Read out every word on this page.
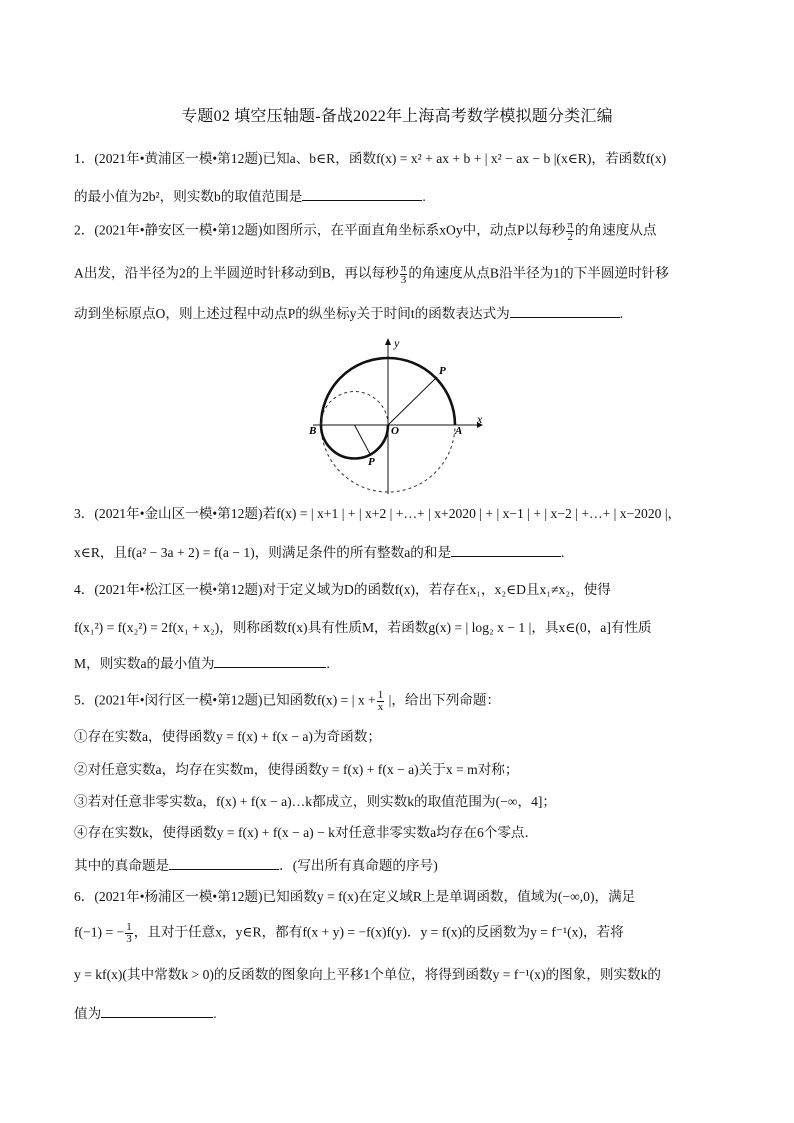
专题02 填空压轴题-备战2022年上海高考数学模拟题分类汇编
1．(2021年•黄浦区一模•第12题)已知a、b∈R，函数f(x) = x² + ax + b + | x² − ax − b |(x∈R)，若函数f(x)
的最小值为2b²，则实数b的取值范围是	.
2．(2021年•静安区一模•第12题)如图所示，在平面直角坐标系xOy中，动点P以每秒 $\frac{\pi}{2}$ 的角速度从点
A出发，沿半径为2的上半圆逆时针移动到B，再以每秒 $\frac{\pi}{3}$ 的角速度从点B沿半径为1的下半圆逆时针移
动到坐标原点O，则上述过程中动点P的纵坐标y关于时间t的函数表达式为	.
y
x
P
P
B	O	A
3．(2021年•金山区一模•第12题)若f(x) = | x+1 | + | x+2 | +…+ | x+2020 | + | x−1 | + | x−2 | +…+ | x−2020 |，
x∈R，且f(a² − 3a + 2) = f(a − 1)，则满足条件的所有整数a的和是	.
4．(2021年•松江区一模•第12题)对于定义域为D的函数f(x)，若存在x₁，x₂∈D且x₁≠x₂，使得
f(x₁²) = f(x₂²) = 2f(x₁ + x₂)，则称函数f(x)具有性质M，若函数g(x) = | log₂ x − 1 |，具x∈(0，a]有性质
M，则实数a的最小值为	.
5．(2021年•闵行区一模•第12题)已知函数f(x) = | $x + \frac{1}{x}$ |，给出下列命题：
①存在实数a，使得函数y = f(x) + f(x − a)为奇函数；
②对任意实数a，均存在实数m，使得函数y = f(x) + f(x − a)关于x = m对称；
③若对任意非零实数a，f(x) + f(x − a)…k都成立，则实数k的取值范围为(−∞，4]；
④存在实数k，使得函数y = f(x) + f(x − a) − k对任意非零实数a均存在6个零点．
其中的真命题是	．(写出所有真命题的序号)
6．(2021年•杨浦区一模•第12题)已知函数y = f(x)在定义域R上是单调函数，值域为(−∞,0)，满足
f(−1) = − $\frac{1}{3}$ ，且对于任意x，y∈R，都有f(x + y) = −f(x)f(y)．y = f(x)的反函数为y = f⁻¹(x)，若将
y = kf(x)(其中常数k > 0)的反函数的图象向上平移1个单位，将得到函数y = f⁻¹(x)的图象，则实数k的
值为	.
